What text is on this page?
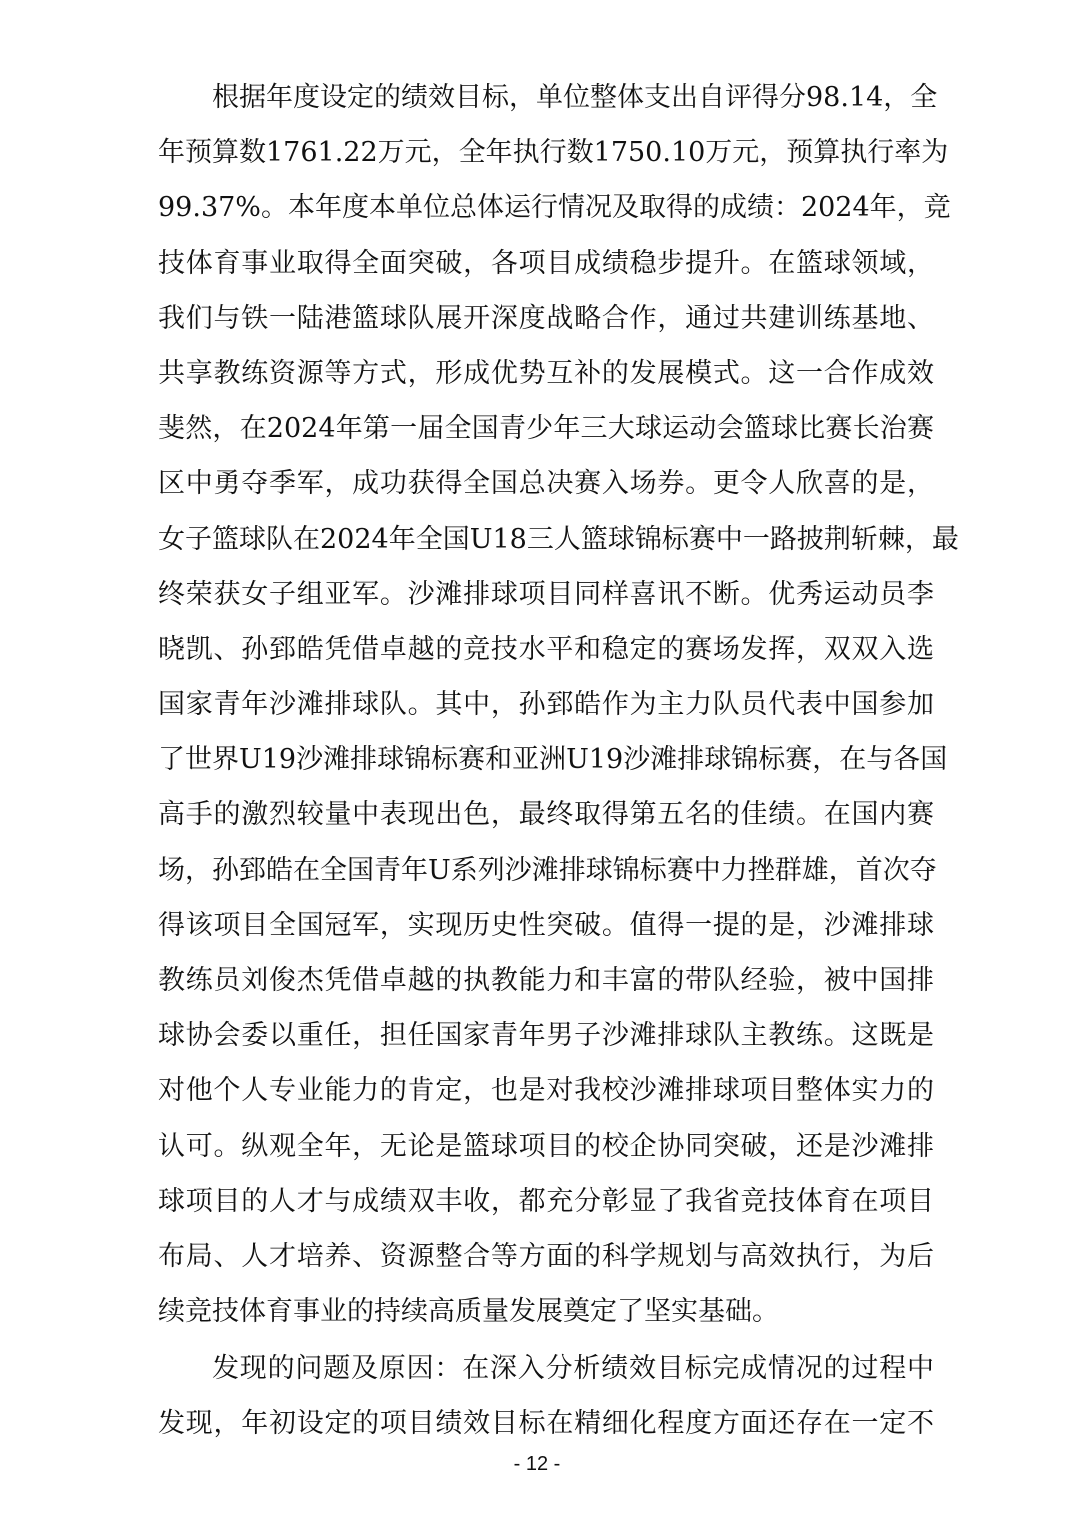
根据年度设定的绩效目标，单位整体支出自评得分98.14，全
年预算数1761.22万元，全年执行数1750.10万元，预算执行率为
99.37%。本年度本单位总体运行情况及取得的成绩：2024年，竞
技体育事业取得全面突破，各项目成绩稳步提升。在篮球领域，
我们与铁一陆港篮球队展开深度战略合作，通过共建训练基地、
共享教练资源等方式，形成优势互补的发展模式。这一合作成效
斐然，在2024年第一届全国青少年三大球运动会篮球比赛长治赛
区中勇夺季军，成功获得全国总决赛入场券。更令人欣喜的是，
女子篮球队在2024年全国U18三人篮球锦标赛中一路披荆斩棘，最
终荣获女子组亚军。沙滩排球项目同样喜讯不断。优秀运动员李
晓凯、孙郅皓凭借卓越的竞技水平和稳定的赛场发挥，双双入选
国家青年沙滩排球队。其中，孙郅皓作为主力队员代表中国参加
了世界U19沙滩排球锦标赛和亚洲U19沙滩排球锦标赛，在与各国
高手的激烈较量中表现出色，最终取得第五名的佳绩。在国内赛
场，孙郅皓在全国青年U系列沙滩排球锦标赛中力挫群雄，首次夺
得该项目全国冠军，实现历史性突破。值得一提的是，沙滩排球
教练员刘俊杰凭借卓越的执教能力和丰富的带队经验，被中国排
球协会委以重任，担任国家青年男子沙滩排球队主教练。这既是
对他个人专业能力的肯定，也是对我校沙滩排球项目整体实力的
认可。纵观全年，无论是篮球项目的校企协同突破，还是沙滩排
球项目的人才与成绩双丰收，都充分彰显了我省竞技体育在项目
布局、人才培养、资源整合等方面的科学规划与高效执行，为后
续竞技体育事业的持续高质量发展奠定了坚实基础。
发现的问题及原因：在深入分析绩效目标完成情况的过程中
发现，年初设定的项目绩效目标在精细化程度方面还存在一定不
- 12 -
